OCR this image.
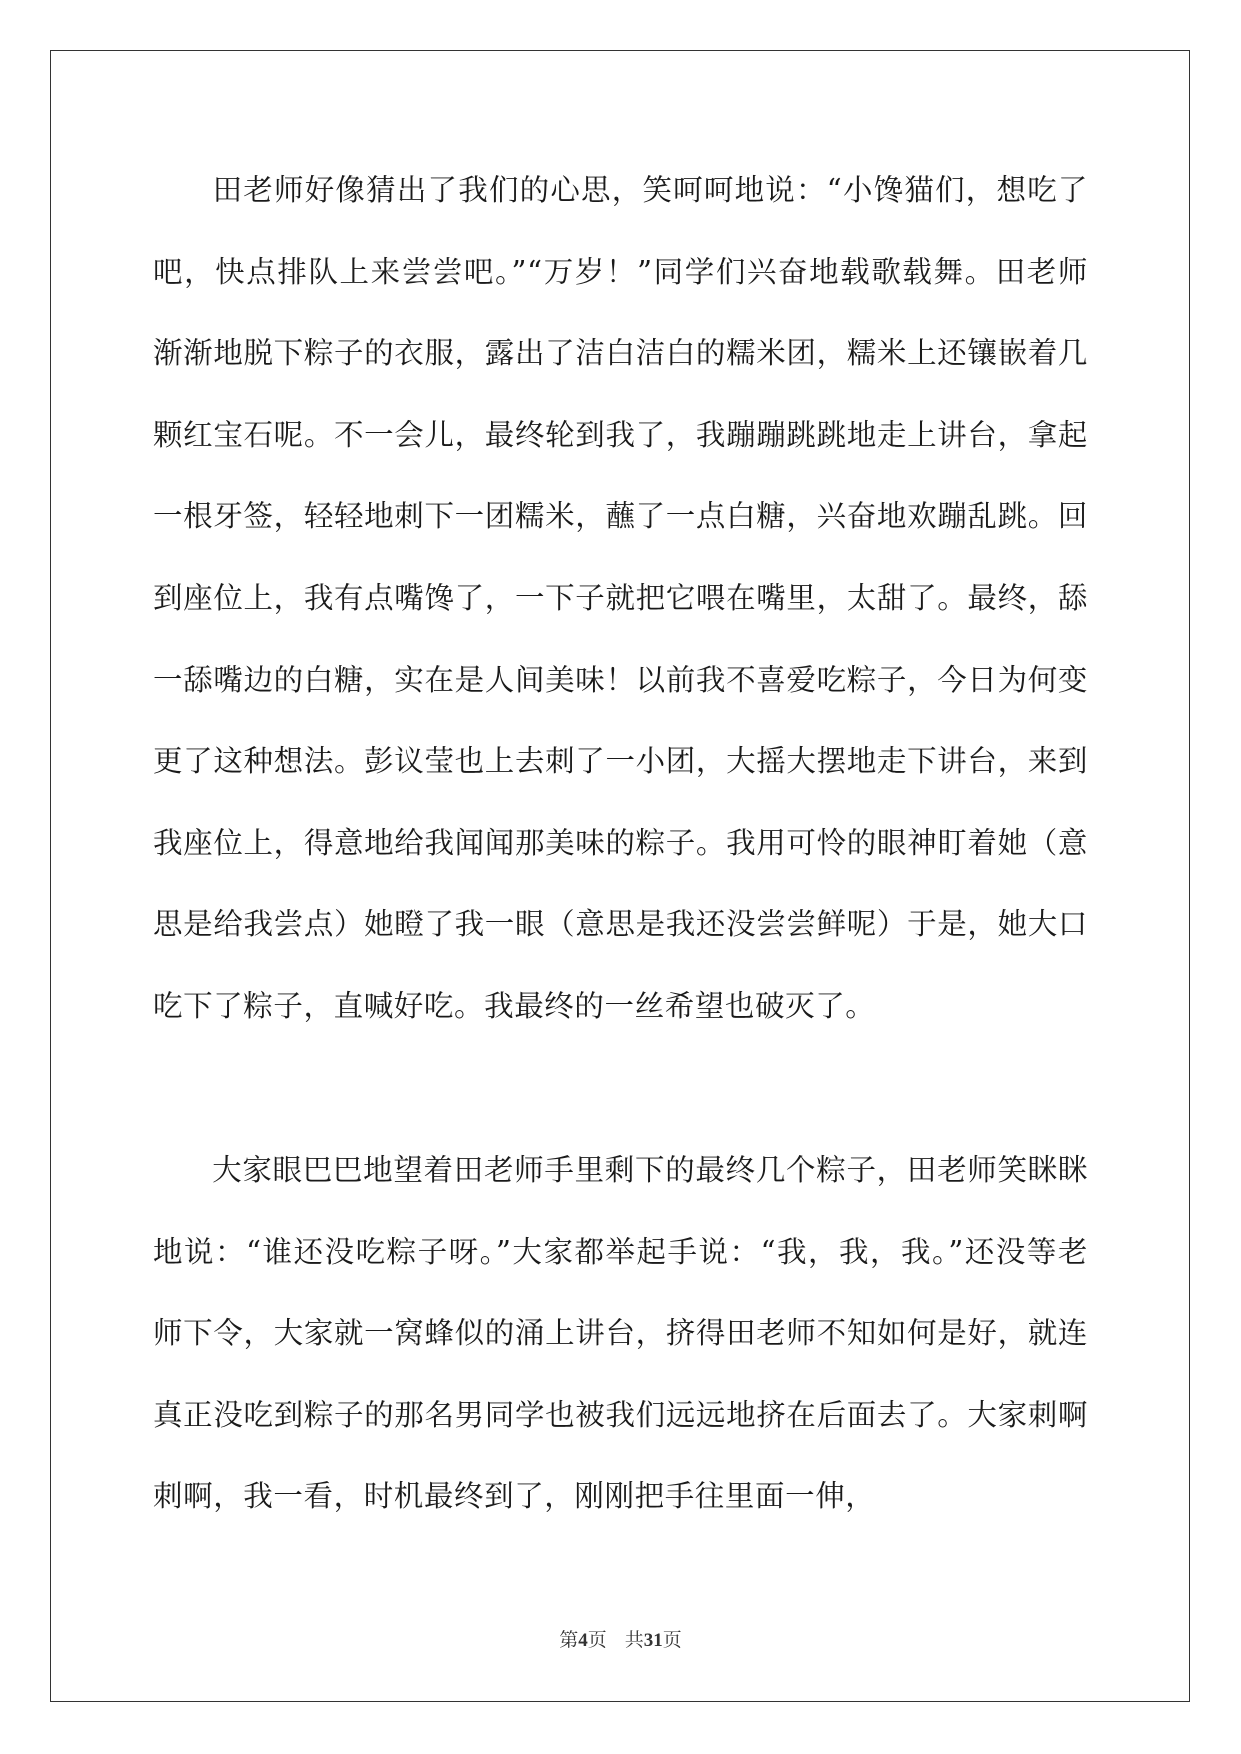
田老师好像猜出了我们的心思，笑呵呵地说：“小馋猫们，想吃了吧，快点排队上来尝尝吧。”“万岁！”同学们兴奋地载歌载舞。田老师渐渐地脱下粽子的衣服，露出了洁白洁白的糯米团，糯米上还镶嵌着几颗红宝石呢。不一会儿，最终轮到我了，我蹦蹦跳跳地走上讲台，拿起一根牙签，轻轻地刺下一团糯米，蘸了一点白糖，兴奋地欢蹦乱跳。回到座位上，我有点嘴馋了，一下子就把它喂在嘴里，太甜了。最终，舔一舔嘴边的白糖，实在是人间美味！以前我不喜爱吃粽子，今日为何变更了这种想法。彭议莹也上去刺了一小团，大摇大摆地走下讲台，来到我座位上，得意地给我闻闻那美味的粽子。我用可怜的眼神盯着她（意思是给我尝点）她瞪了我一眼（意思是我还没尝尝鲜呢）于是，她大口吃下了粽子，直喊好吃。我最终的一丝希望也破灭了。

大家眼巴巴地望着田老师手里剩下的最终几个粽子，田老师笑眯眯地说：“谁还没吃粽子呀。”大家都举起手说：“我，我，我。”还没等老师下令，大家就一窝蜂似的涌上讲台，挤得田老师不知如何是好，就连真正没吃到粽子的那名男同学也被我们远远地挤在后面去了。大家刺啊刺啊，我一看，时机最终到了，刚刚把手往里面一伸，

第4页 共31页
